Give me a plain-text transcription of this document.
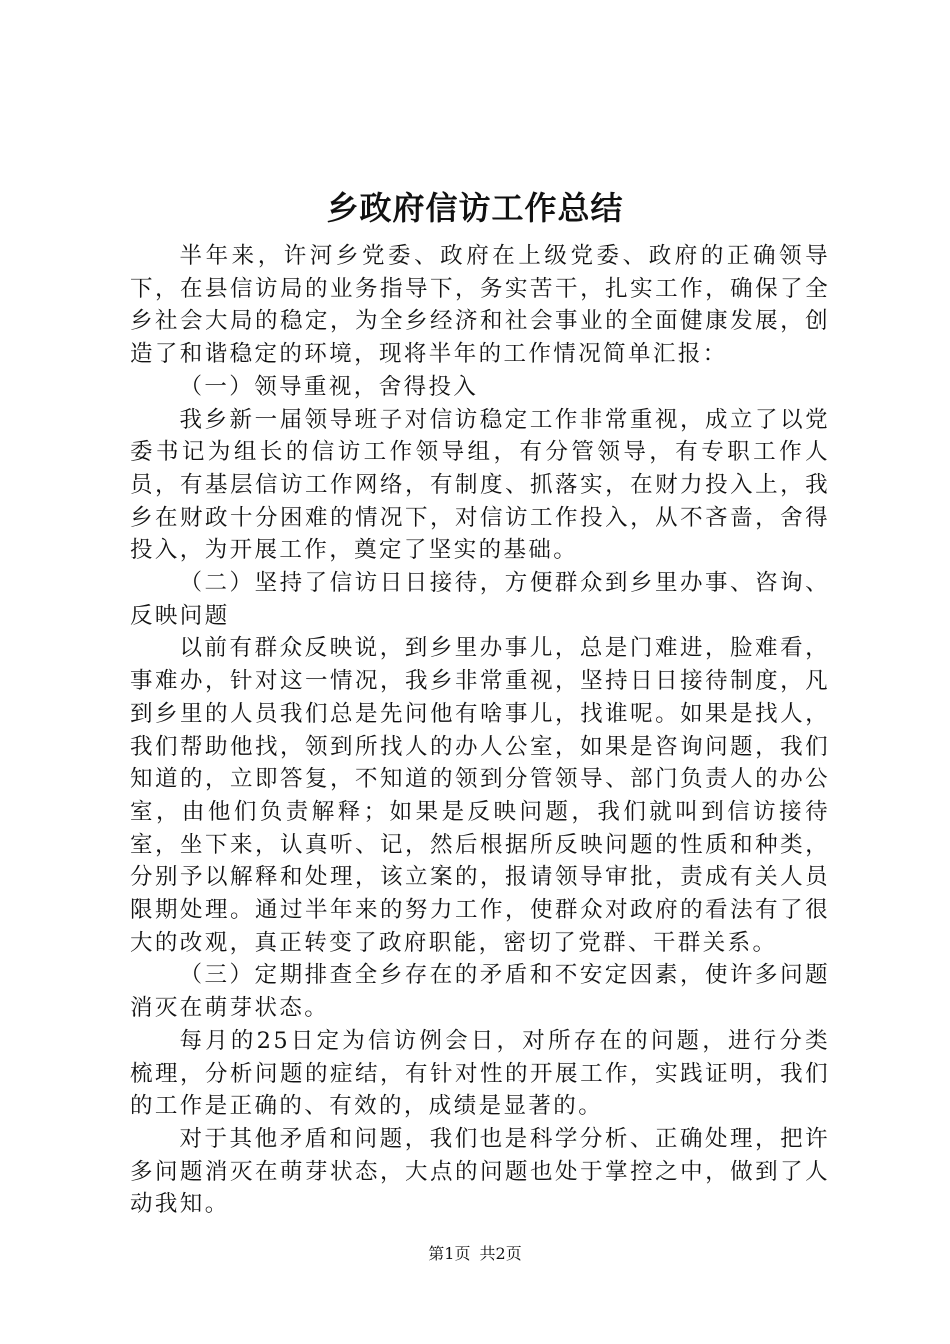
乡政府信访工作总结

半年来，许河乡党委、政府在上级党委、政府的正确领导下，在县信访局的业务指导下，务实苦干，扎实工作，确保了全乡社会大局的稳定，为全乡经济和社会事业的全面健康发展，创造了和谐稳定的环境，现将半年的工作情况简单汇报：

（一）领导重视，舍得投入

我乡新一届领导班子对信访稳定工作非常重视，成立了以党委书记为组长的信访工作领导组，有分管领导，有专职工作人员，有基层信访工作网络，有制度、抓落实，在财力投入上，我乡在财政十分困难的情况下，对信访工作投入，从不吝啬，舍得投入，为开展工作，奠定了坚实的基础。

（二）坚持了信访日日接待，方便群众到乡里办事、咨询、反映问题

以前有群众反映说，到乡里办事儿，总是门难进，脸难看，事难办，针对这一情况，我乡非常重视，坚持日日接待制度，凡到乡里的人员我们总是先问他有啥事儿，找谁呢。如果是找人，我们帮助他找，领到所找人的办人公室，如果是咨询问题，我们知道的，立即答复，不知道的领到分管领导、部门负责人的办公室，由他们负责解释；如果是反映问题，我们就叫到信访接待室，坐下来，认真听、记，然后根据所反映问题的性质和种类，分别予以解释和处理，该立案的，报请领导审批，责成有关人员限期处理。通过半年来的努力工作，使群众对政府的看法有了很大的改观，真正转变了政府职能，密切了党群、干群关系。

（三）定期排查全乡存在的矛盾和不安定因素，使许多问题消灭在萌芽状态。

每月的25日定为信访例会日，对所存在的问题，进行分类梳理，分析问题的症结，有针对性的开展工作，实践证明，我们的工作是正确的、有效的，成绩是显著的。

对于其他矛盾和问题，我们也是科学分析、正确处理，把许多问题消灭在萌芽状态，大点的问题也处于掌控之中，做到了人动我知。

第1页 共2页
